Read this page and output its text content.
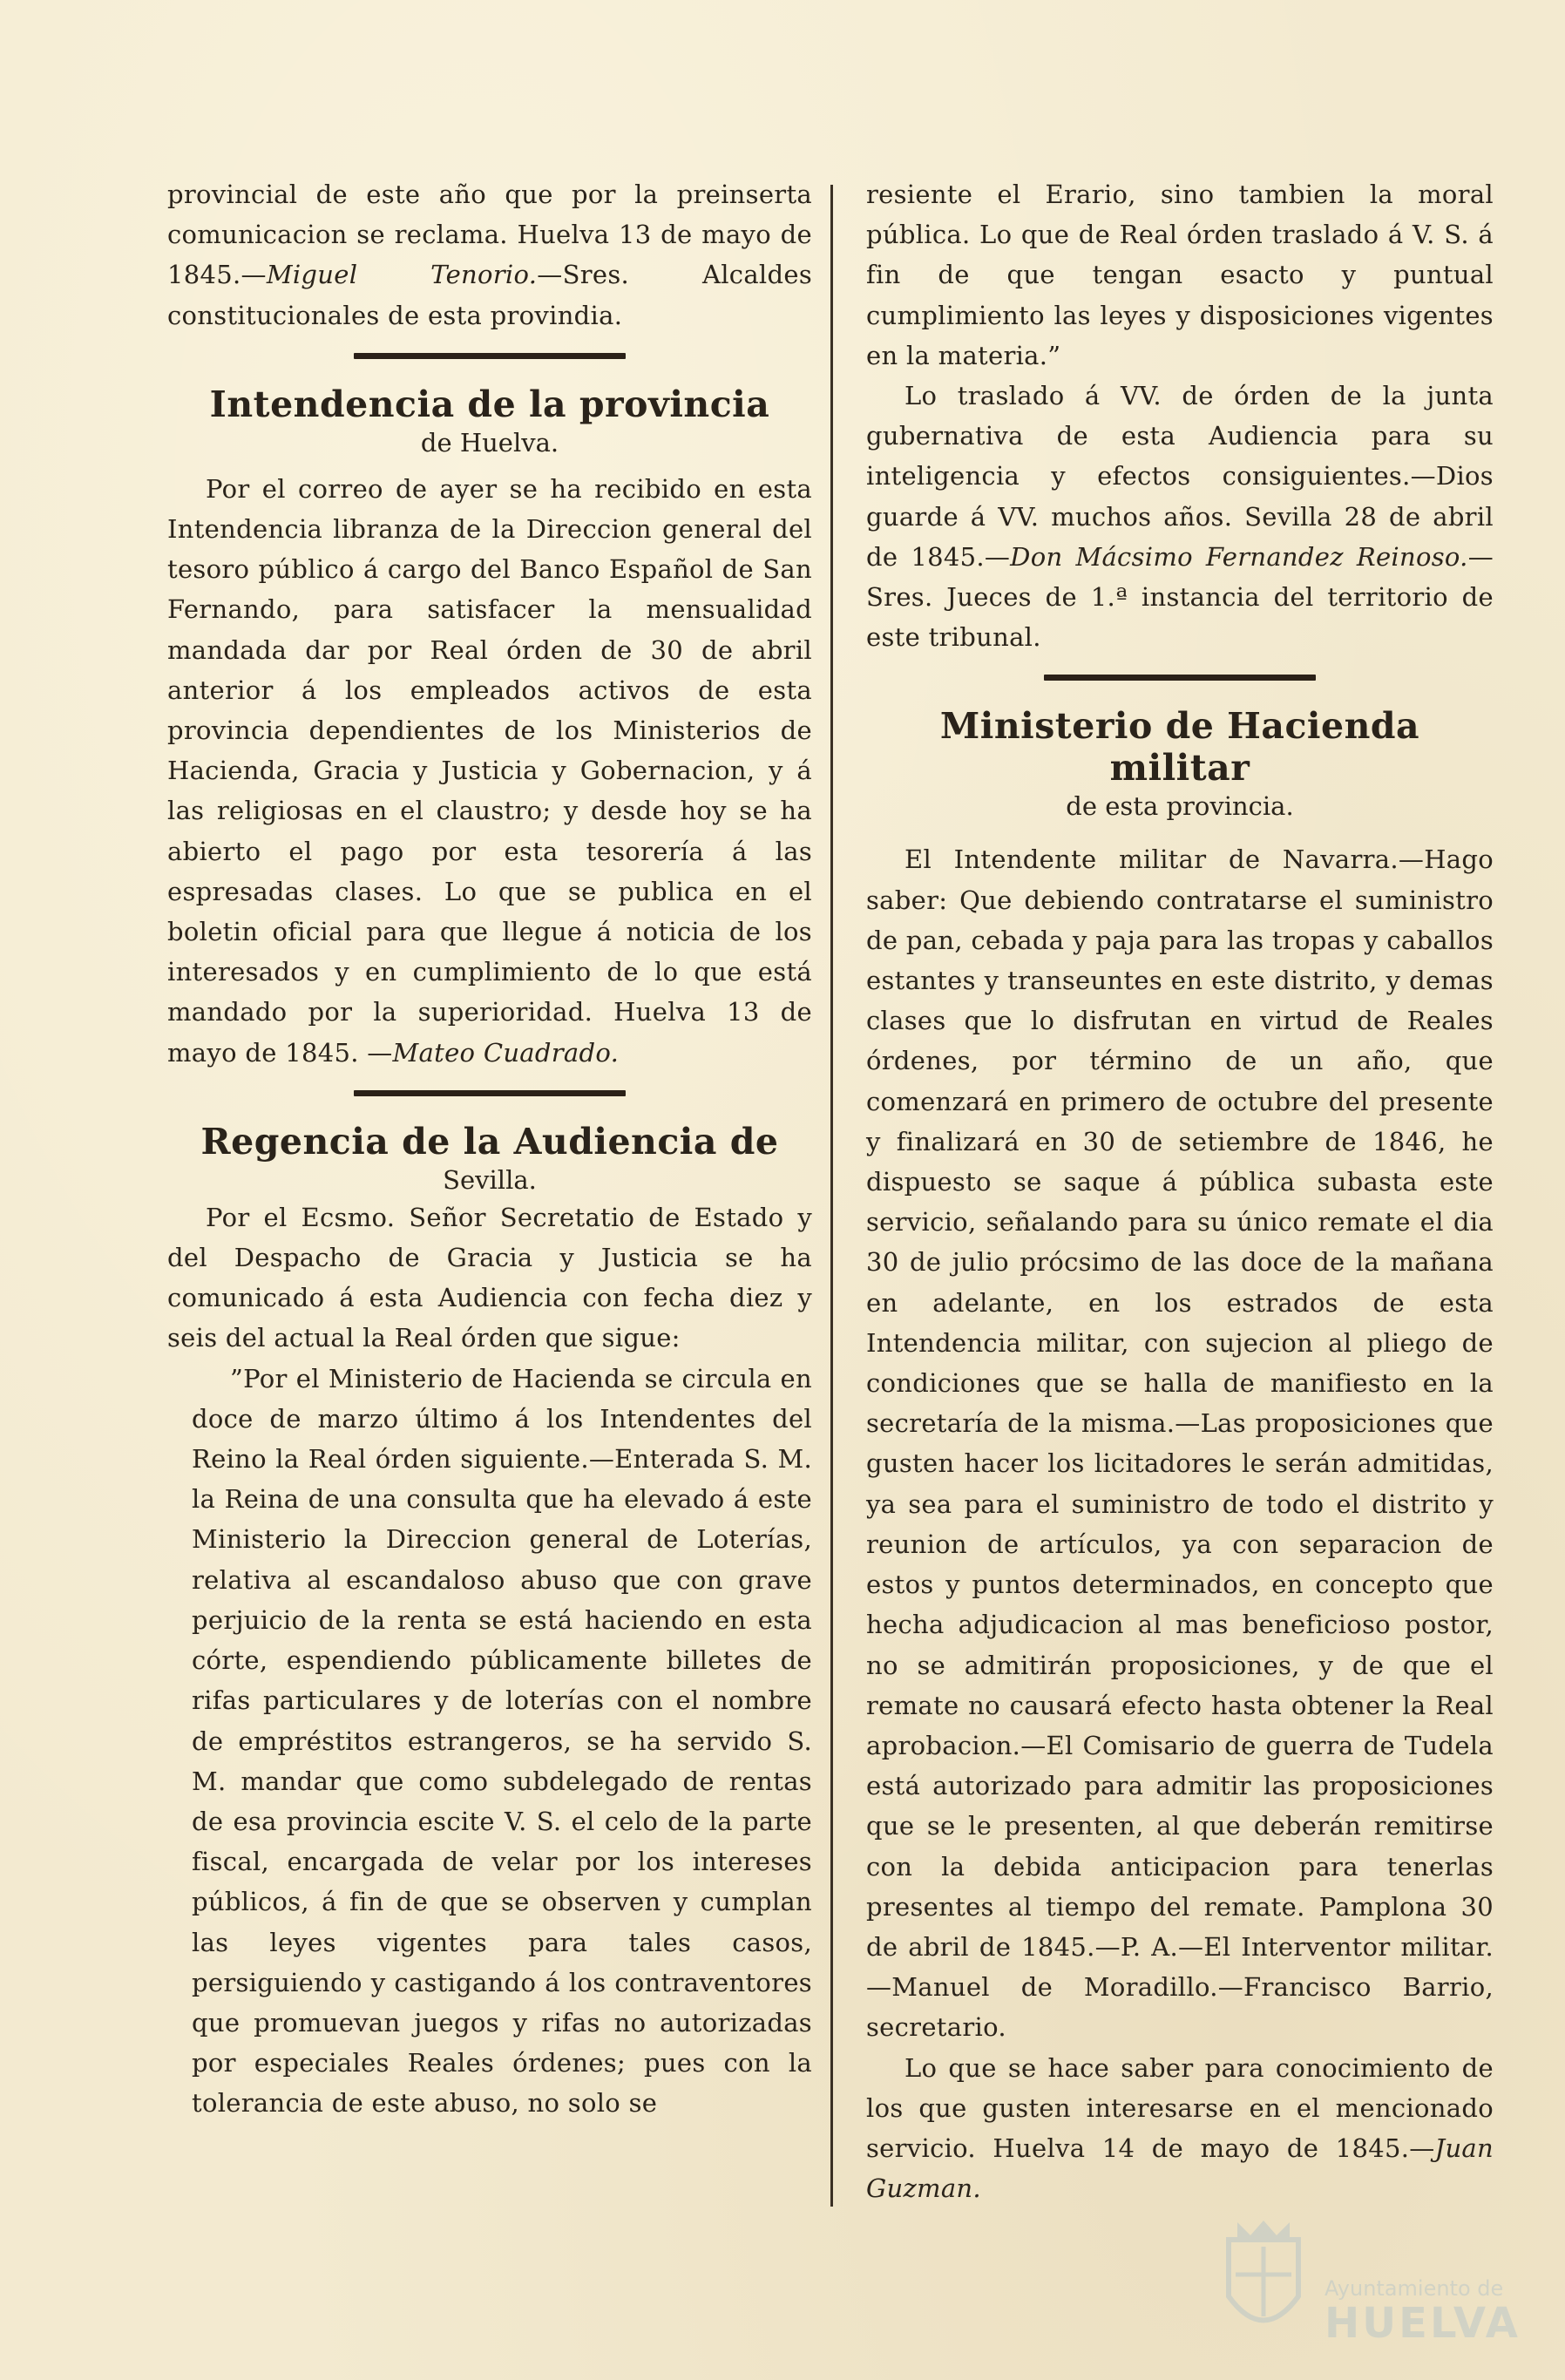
provincial de este año que por la preinserta comunicacion se reclama. Huelva 13 de mayo de 1845.—Miguel Tenorio.—Sres. Alcaldes constitucionales de esta provindia.

Intendencia de la provincia
de Huelva.

Por el correo de ayer se ha recibido en esta Intendencia libranza de la Direccion general del tesoro público á cargo del Banco Español de San Fernando, para satisfacer la mensualidad mandada dar por Real órden de 30 de abril anterior á los empleados activos de esta provincia dependientes de los Ministerios de Hacienda, Gracia y Justicia y Gobernacion, y á las religiosas en el claustro; y desde hoy se ha abierto el pago por esta tesorería á las espresadas clases. Lo que se publica en el boletin oficial para que llegue á noticia de los interesados y en cumplimiento de lo que está mandado por la superioridad. Huelva 13 de mayo de 1845. —Mateo Cuadrado.

Regencia de la Audiencia de
Sevilla.

Por el Ecsmo. Señor Secretatio de Estado y del Despacho de Gracia y Justicia se ha comunicado á esta Audiencia con fecha diez y seis del actual la Real órden que sigue:

”Por el Ministerio de Hacienda se circula en doce de marzo último á los Intendentes del Reino la Real órden siguiente.—Enterada S. M. la Reina de una consulta que ha elevado á este Ministerio la Direccion general de Loterías, relativa al escandaloso abuso que con grave perjuicio de la renta se está haciendo en esta córte, espendiendo públicamente billetes de rifas particulares y de loterías con el nombre de empréstitos estrangeros, se ha servido S. M. mandar que como subdelegado de rentas de esa provincia escite V. S. el celo de la parte fiscal, encargada de velar por los intereses públicos, á fin de que se observen y cumplan las leyes vigentes para tales casos, persiguiendo y castigando á los contraventores que promuevan juegos y rifas no autorizadas por especiales Reales órdenes; pues con la tolerancia de este abuso, no solo se

resiente el Erario, sino tambien la moral pública. Lo que de Real órden traslado á V. S. á fin de que tengan esacto y puntual cumplimiento las leyes y disposiciones vigentes en la materia.”

Lo traslado á VV. de órden de la junta gubernativa de esta Audiencia para su inteligencia y efectos consiguientes.—Dios guarde á VV. muchos años. Sevilla 28 de abril de 1845.—Don Mácsimo Fernandez Reinoso.—Sres. Jueces de 1.ª instancia del territorio de este tribunal.

Ministerio de Hacienda militar
de esta provincia.

El Intendente militar de Navarra.—Hago saber: Que debiendo contratarse el suministro de pan, cebada y paja para las tropas y caballos estantes y transeuntes en este distrito, y demas clases que lo disfrutan en virtud de Reales órdenes, por término de un año, que comenzará en primero de octubre del presente y finalizará en 30 de setiembre de 1846, he dispuesto se saque á pública subasta este servicio, señalando para su único remate el dia 30 de julio prócsimo de las doce de la mañana en adelante, en los estrados de esta Intendencia militar, con sujecion al pliego de condiciones que se halla de manifiesto en la secretaría de la misma.—Las proposiciones que gusten hacer los licitadores le serán admitidas, ya sea para el suministro de todo el distrito y reunion de artículos, ya con separacion de estos y puntos determinados, en concepto que hecha adjudicacion al mas beneficioso postor, no se admitirán proposiciones, y de que el remate no causará efecto hasta obtener la Real aprobacion.—El Comisario de guerra de Tudela está autorizado para admitir las proposiciones que se le presenten, al que deberán remitirse con la debida anticipacion para tenerlas presentes al tiempo del remate. Pamplona 30 de abril de 1845.—P. A.—El Interventor militar.—Manuel de Moradillo.—Francisco Barrio, secretario.

Lo que se hace saber para conocimiento de los que gusten interesarse en el mencionado servicio. Huelva 14 de mayo de 1845.—Juan Guzman.

Ayuntamiento de
HUELVA
